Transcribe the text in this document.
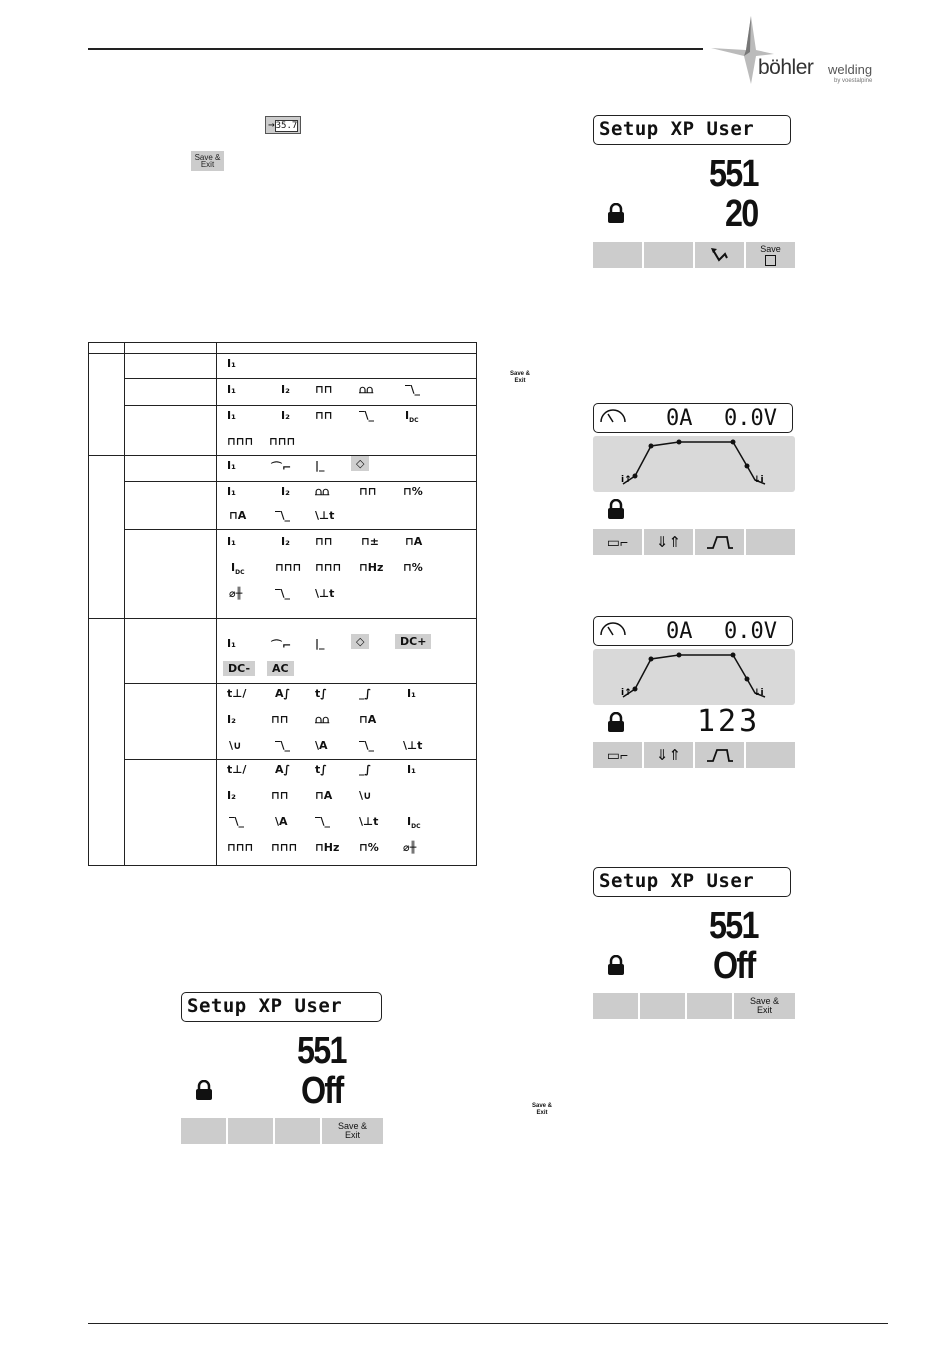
böhler welding
by voestalpine
→35.7
Save & Exit
Setup XP User
551
20
Save
Save & Exit
0A 0.0V
i↑	↓i
▭⌐ ⇓⇑
0A 0.0V
i↑	↓i
123
▭⌐ ⇓⇑
Setup XP User
551
Off
Save & Exit
Setup XP User
551
Off
Save & Exit
Save & Exit
I₁
I₁	I₂ ⊓⊓ ⩍⩍	‾\_
I₁	I₂ ⊓⊓ ‾\_	$I_{DC}$
⊓⊓⊓ ⊓⊓⊓
I₁	⌒⌐ |_	◇
I₁	I₂ ⩍⩍	⊓⊓ ⊓%
⊓A	‾\_ \⊥t
I₁	I₂ ⊓⊓	⊓± ⊓A
$I_{DC}$	⊓⊓⊓ ⊓⊓⊓ ⊓Hz ⊓%
⌀╫	‾\_ \⊥t
I₁	⌒⌐ |_	◇	DC+
DC-	AC
t⊥/	A∫ t∫	_∫	I₁
I₂	⊓⊓ ⩍⩍	⊓A
\∪	‾\_ \A	‾\_	\⊥t
t⊥/	A∫ t∫	_∫	I₁
I₂	⊓⊓ ⊓A \∪
‾\_	\A ‾\_	\⊥t	$I_{DC}$
⊓⊓⊓ ⊓⊓⊓ ⊓Hz ⊓% ⌀╫
